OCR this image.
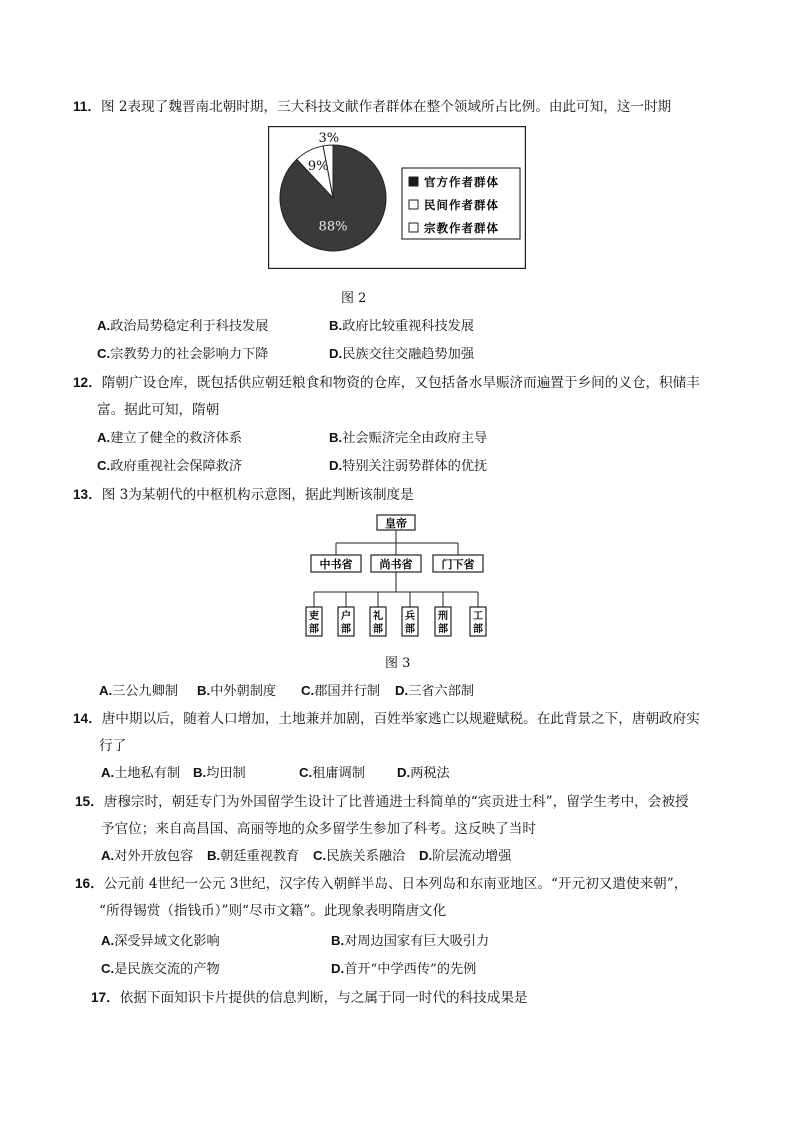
11．图 2表现了魏晋南北朝时期，三大科技文献作者群体在整个领域所占比例。由此可知，这一时期
3%
9%
88%
官方作者群体
民间作者群体
宗教作者群体
图 2
A.政治局势稳定利于科技发展	B.政府比较重视科技发展
C.宗教势力的社会影响力下降	D.民族交往交融趋势加强
12．隋朝广设仓库，既包括供应朝廷粮食和物资的仓库，又包括备水旱赈济而遍置于乡间的义仓，积储丰
富。据此可知，隋朝
A.建立了健全的救济体系	B.社会赈济完全由政府主导
C.政府重视社会保障救济	D.特别关注弱势群体的优抚
13．图 3为某朝代的中枢机构示意图，据此判断该制度是
皇帝
中书省 尚书省	门下省
吏
部
户
部
礼
部
兵
部
刑
部
工
部
图 3
A.三公九卿制 B.中外朝制度 C.郡国并行制 D.三省六部制
14．唐中期以后，随着人口增加，土地兼并加剧，百姓举家逃亡以规避赋税。在此背景之下，唐朝政府实
行了
A.土地私有制 B.均田制	C.租庸调制 D.两税法
15．唐穆宗时，朝廷专门为外国留学生设计了比普通进士科简单的“宾贡进士科”，留学生考中，会被授
予官位；来自高昌国、高丽等地的众多留学生参加了科考。这反映了当时
A.对外开放包容 B.朝廷重视教育 C.民族关系融洽 D.阶层流动增强
16．公元前 4世纪一公元 3世纪，汉字传入朝鲜半岛、日本列岛和东南亚地区。“开元初又遣使来朝”，
“所得锡赏（指钱币）”则“尽市文籍”。此现象表明隋唐文化
A.深受异域文化影响	B.对周边国家有巨大吸引力
C.是民族交流的产物	D.首开“中学西传”的先例
17．依据下面知识卡片提供的信息判断，与之属于同一时代的科技成果是
